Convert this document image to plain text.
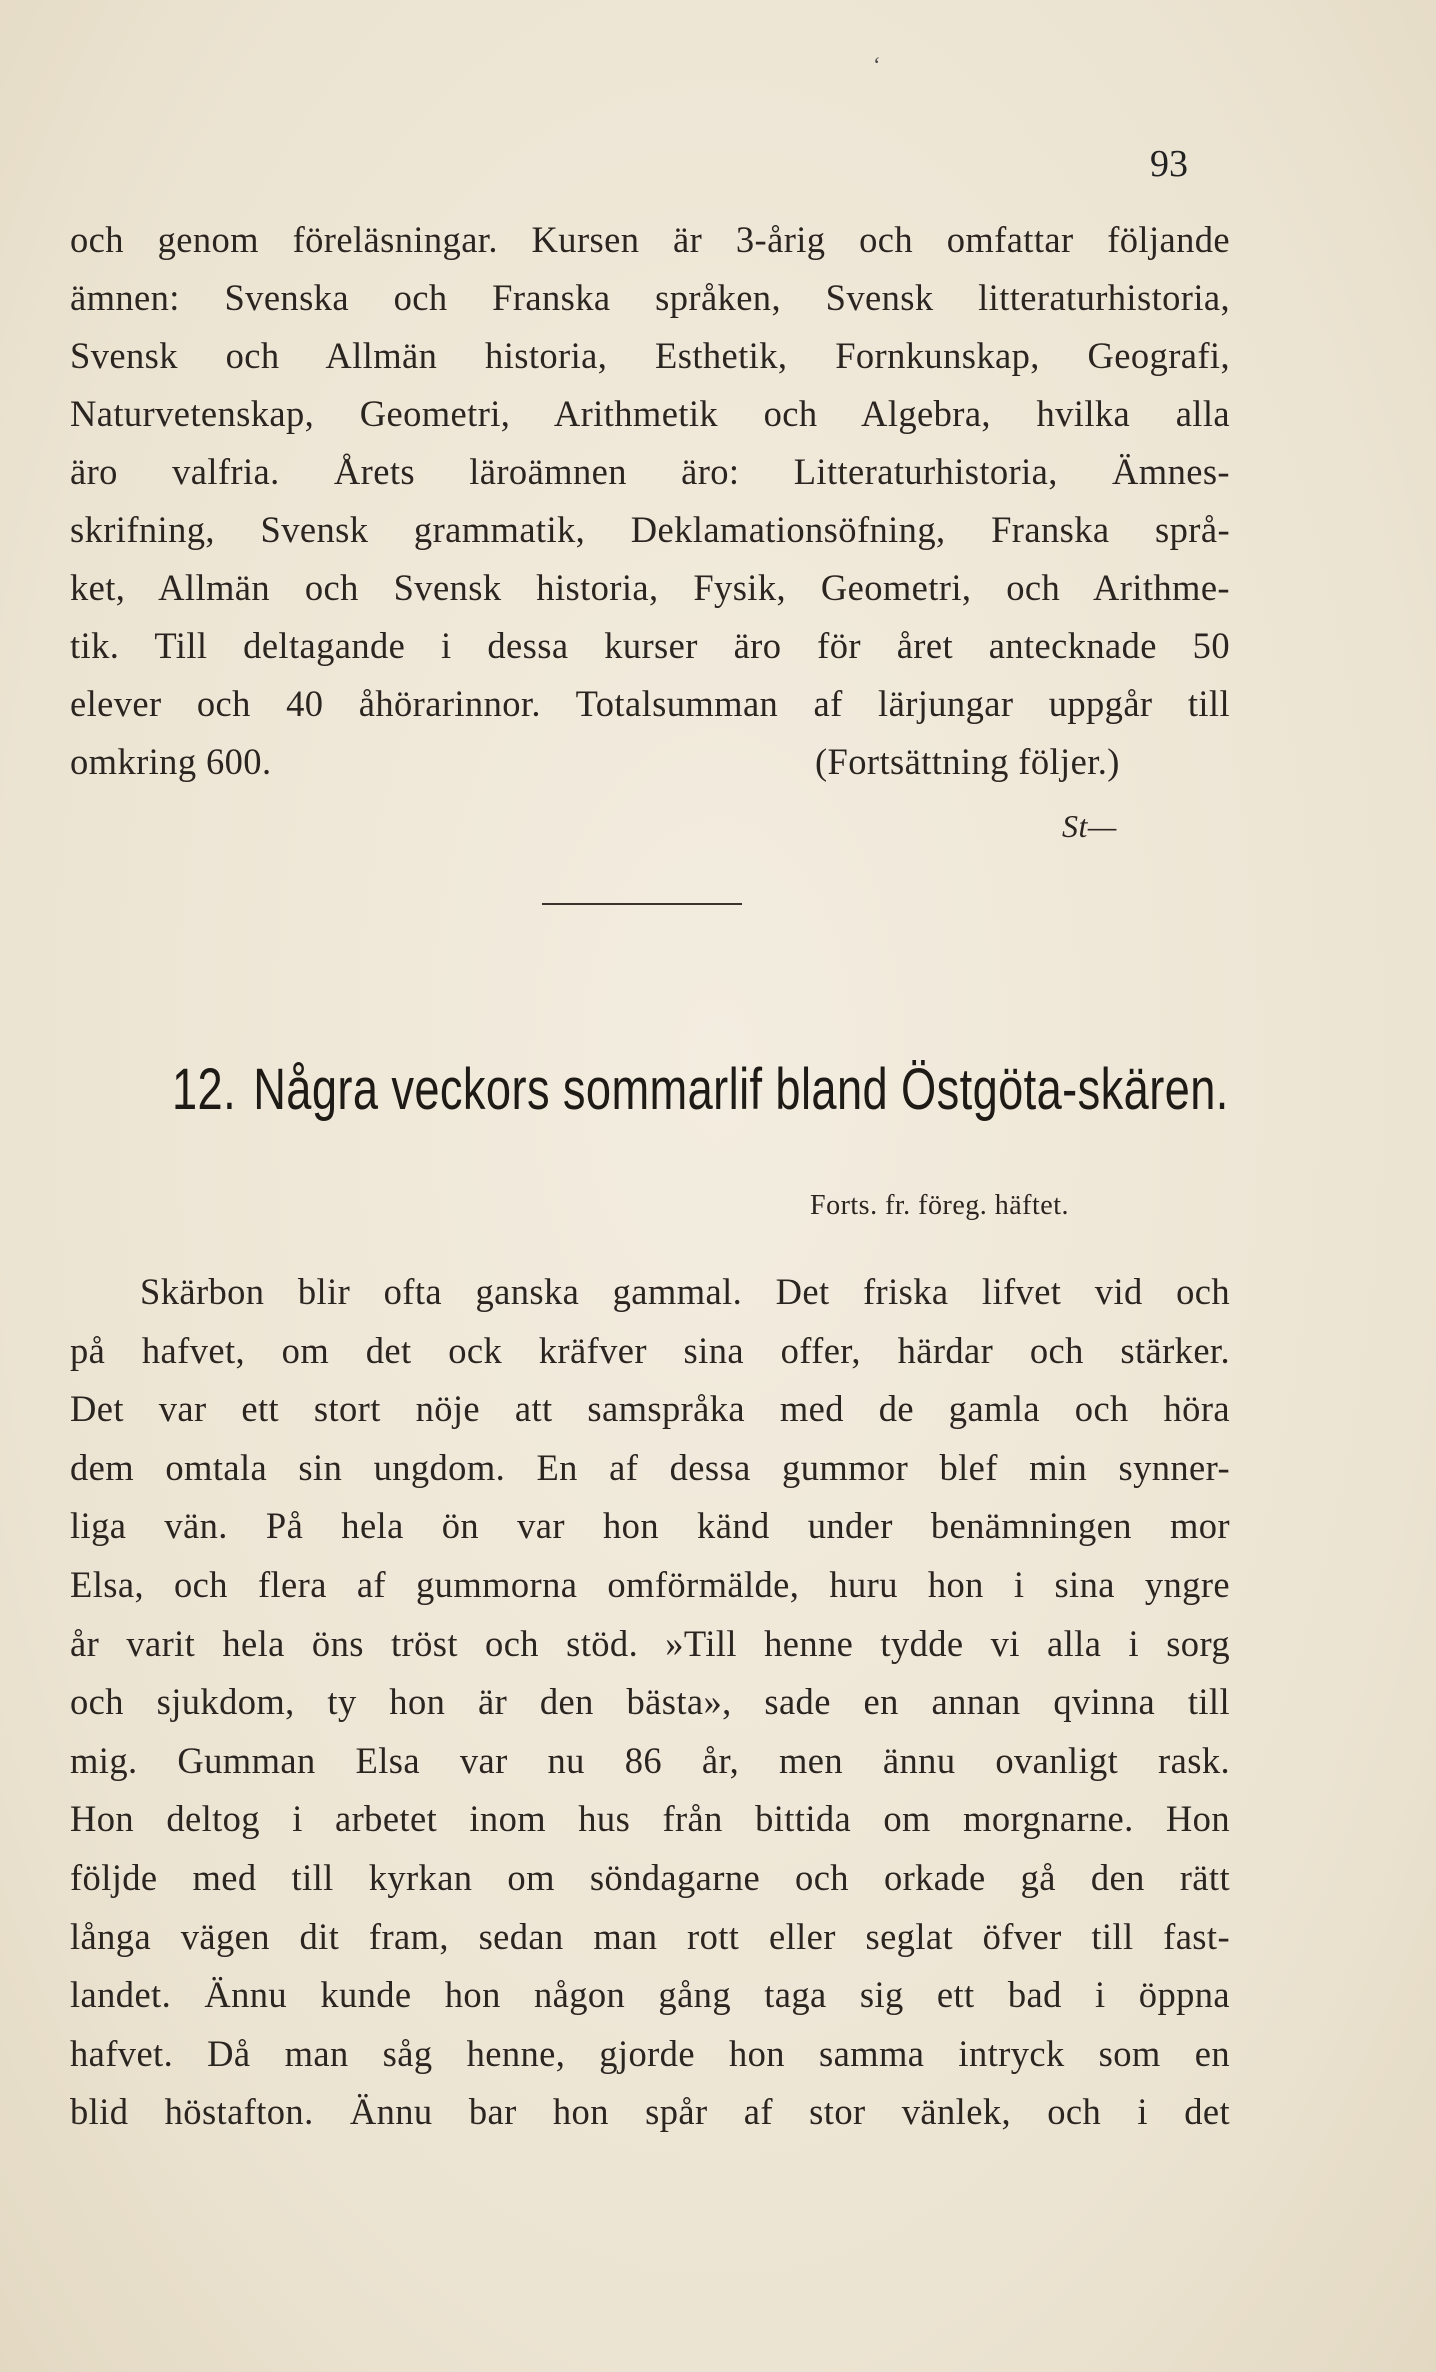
‘
93
och genom föreläsningar. Kursen är 3-årig och omfattar följande
ämnen: Svenska och Franska språken, Svensk litteraturhistoria,
Svensk och Allmän historia, Esthetik, Fornkunskap, Geografi,
Naturvetenskap, Geometri, Arithmetik och Algebra, hvilka alla
äro valfria. Årets läroämnen äro: Litteraturhistoria, Ämnes-
skrifning, Svensk grammatik, Deklamationsöfning, Franska språ-
ket, Allmän och Svensk historia, Fysik, Geometri, och Arithme-
tik. Till deltagande i dessa kurser äro för året antecknade 50
elever och 40 åhörarinnor. Totalsumman af lärjungar uppgår till
omkring 600.	(Fortsättning följer.)
St—
12. Några veckors sommarlif bland Östgöta-skären.
Forts. fr. föreg. häftet.
Skärbon blir ofta ganska gammal. Det friska lifvet vid och
på hafvet, om det ock kräfver sina offer, härdar och stärker.
Det var ett stort nöje att samspråka med de gamla och höra
dem omtala sin ungdom. En af dessa gummor blef min synner-
liga vän. På hela ön var hon känd under benämningen mor
Elsa, och flera af gummorna omförmälde, huru hon i sina yngre
år varit hela öns tröst och stöd. »Till henne tydde vi alla i sorg
och sjukdom, ty hon är den bästa», sade en annan qvinna till
mig. Gumman Elsa var nu 86 år, men ännu ovanligt rask.
Hon deltog i arbetet inom hus från bittida om morgnarne. Hon
följde med till kyrkan om söndagarne och orkade gå den rätt
långa vägen dit fram, sedan man rott eller seglat öfver till fast-
landet. Ännu kunde hon någon gång taga sig ett bad i öppna
hafvet. Då man såg henne, gjorde hon samma intryck som en
blid höstafton. Ännu bar hon spår af stor vänlek, och i det
